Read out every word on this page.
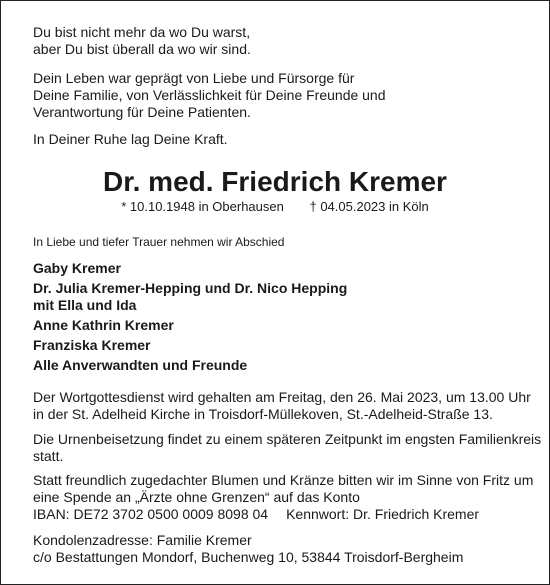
Du bist nicht mehr da wo Du warst,
aber Du bist überall da wo wir sind.
Dein Leben war geprägt von Liebe und Fürsorge für
Deine Familie, von Verlässlichkeit für Deine Freunde und
Verantwortung für Deine Patienten.
In Deiner Ruhe lag Deine Kraft.
Dr. med. Friedrich Kremer
* 10.10.1948 in Oberhausen † 04.05.2023 in Köln
In Liebe und tiefer Trauer nehmen wir Abschied
Gaby Kremer
Dr. Julia Kremer-Hepping und Dr. Nico Hepping
mit Ella und Ida
Anne Kathrin Kremer
Franziska Kremer
Alle Anverwandten und Freunde
Der Wortgottesdienst wird gehalten am Freitag, den 26. Mai 2023, um 13.00 Uhr
in der St. Adelheid Kirche in Troisdorf-Müllekoven, St.-Adelheid-Straße 13.
Die Urnenbeisetzung findet zu einem späteren Zeitpunkt im engsten Familienkreis
statt.
Statt freundlich zugedachter Blumen und Kränze bitten wir im Sinne von Fritz um
eine Spende an „Ärzte ohne Grenzen“ auf das Konto
IBAN: DE72 3702 0500 0009 8098 04 Kennwort: Dr. Friedrich Kremer
Kondolenzadresse: Familie Kremer
c/o Bestattungen Mondorf, Buchenweg 10, 53844 Troisdorf-Bergheim
